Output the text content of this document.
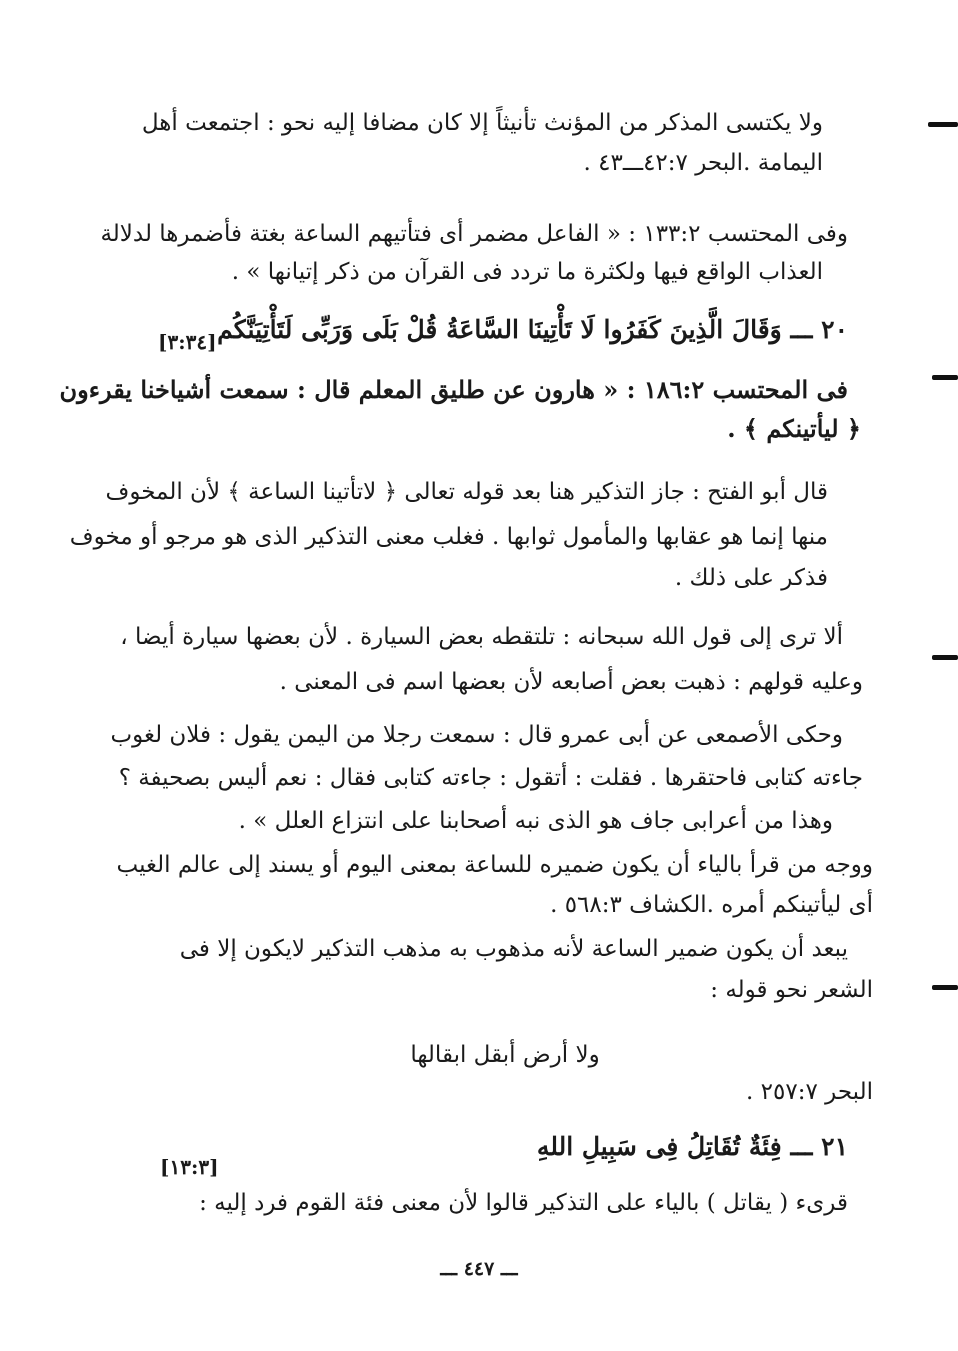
ولا يكتسى المذكر من المؤنث تأنيثاً إلا كان مضافا إليه نحو : اجتمعت أهل
اليمامة .البحر ٤٢:٧ـــ٤٣ .
وفى المحتسب ١٣٣:٢ : « الفاعل مضمر أى فتأتيهم الساعة بغتة فأضمرها لدلالة
العذاب الواقع فيها ولكثرة ما تردد فى القرآن من ذكر إتيانها » .
٢٠ ـــ وَقَالَ الَّذِينَ كَفَرُوا لَا تَأْتِينَا السَّاعَةُ قُلْ بَلَى وَرَبِّى لَتَأْتِيَنَّكُم
[٣:٣٤]
فى المحتسب ١٨٦:٢ : « هارون عن طليق المعلم قال : سمعت أشياخنا يقرءون
﴿ ليأتينكم ﴾ .
قال أبو الفتح : جاز التذكير هنا بعد قوله تعالى ﴿ لاتأتينا الساعة ﴾ لأن المخوف
منها إنما هو عقابها والمأمول ثوابها . فغلب معنى التذكير الذى هو مرجو أو مخوف
فذكر على ذلك .
ألا ترى إلى قول الله سبحانه : تلتقطه بعض السيارة . لأن بعضها سيارة أيضا ،
وعليه قولهم : ذهبت بعض أصابعه لأن بعضها اسم فى المعنى .
وحكى الأصمعى عن أبى عمرو قال : سمعت رجلا من اليمن يقول : فلان لغوب
جاءته كتابى فاحتقرها . فقلت : أتقول : جاءته كتابى فقال : نعم أليس بصحيفة ؟
وهذا من أعرابى جاف هو الذى نبه أصحابنا على انتزاع العلل » .
ووجه من قرأ بالياء أن يكون ضميره للساعة بمعنى اليوم أو يسند إلى عالم الغيب
أى ليأتينكم أمره .الكشاف ٥٦٨:٣ .
يبعد أن يكون ضمير الساعة لأنه مذهوب به مذهب التذكير لايكون إلا فى
الشعر نحو قوله :
ولا أرض أبقل ابقالها
البحر ٢٥٧:٧ .
٢١ ـــ فِئَةٌ تُقَاتِلُ فِى سَبِيلِ اللهِ
[١٣:٣]
قرىء ( يقاتل ) بالياء على التذكير قالوا لأن معنى فئة القوم فرد إليه :
ـــ ٤٤٧ ـــ
